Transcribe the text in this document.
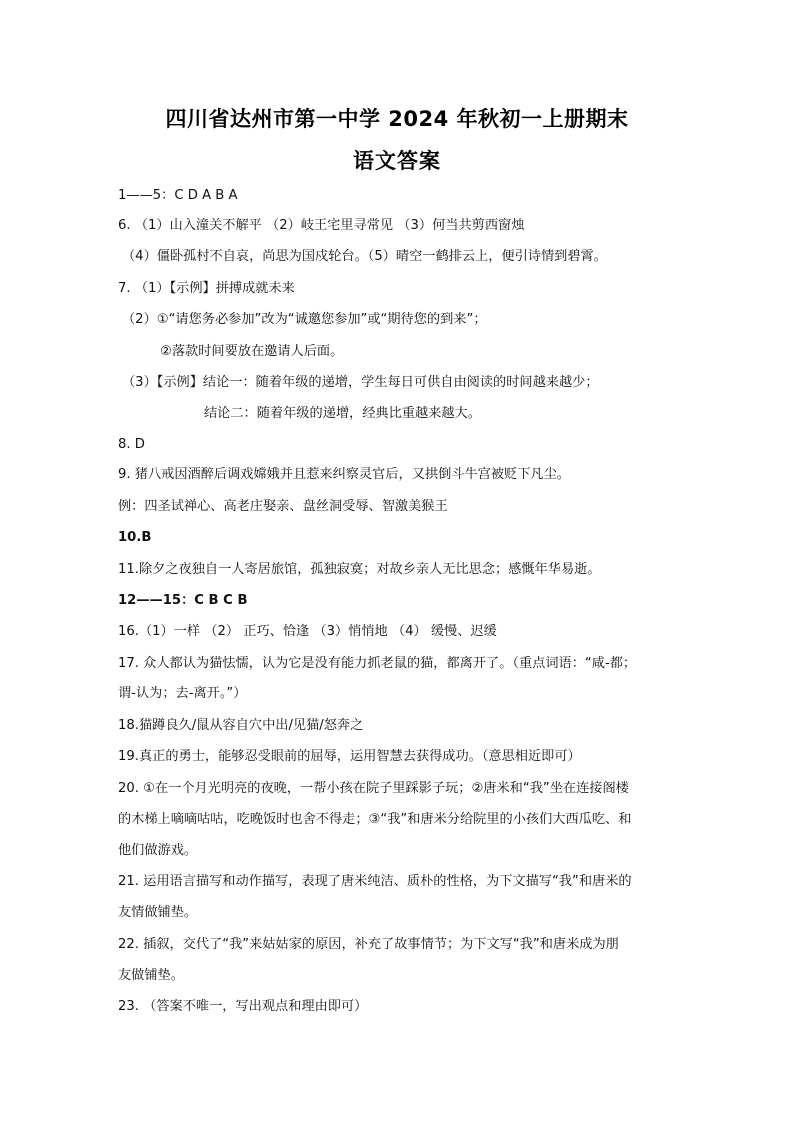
四川省达州市第一中学 2024 年秋初一上册期末
语文答案
1——5：C D A B A
6. （1）山入潼关不解平 （2）岐王宅里寻常见 （3）何当共剪西窗烛
（4）僵卧孤村不自哀，尚思为国戍轮台。（5）晴空一鹤排云上，便引诗情到碧霄。
7. （1）【示例】拼搏成就未来
（2）①“请您务必参加”改为“诚邀您参加”或“期待您的到来”；
②落款时间要放在邀请人后面。
（3）【示例】结论一：随着年级的递增，学生每日可供自由阅读的时间越来越少；
结论二：随着年级的递增，经典比重越来越大。
8. D
9. 猪八戒因酒醉后调戏嫦娥并且惹来纠察灵官后，又拱倒斗牛宫被贬下凡尘。
例：四圣试禅心、高老庄娶亲、盘丝洞受辱、智激美猴王
10.B
11.除夕之夜独自一人寄居旅馆，孤独寂寞；对故乡亲人无比思念；感慨年华易逝。
12——15：C B C B
16.（1）一样 （2） 正巧、恰逢 （3）悄悄地 （4） 缓慢、迟缓
17. 众人都认为猫怯懦，认为它是没有能力抓老鼠的猫，都离开了。（重点词语：“咸-都；
谓-认为；去-离开。”）
18.猫蹲良久/鼠从容自穴中出/见猫/怒奔之
19.真正的勇士，能够忍受眼前的屈辱，运用智慧去获得成功。（意思相近即可）
20. ①在一个月光明亮的夜晚，一帮小孩在院子里踩影子玩；②唐米和“我”坐在连接阁楼
的木梯上嘀嘀咕咕，吃晚饭时也舍不得走；③“我”和唐米分给院里的小孩们大西瓜吃、和
他们做游戏。
21. 运用语言描写和动作描写，表现了唐米纯洁、质朴的性格，为下文描写“我”和唐米的
友情做铺垫。
22. 插叙，交代了“我”来姑姑家的原因，补充了故事情节；为下文写“我”和唐米成为朋
友做铺垫。
23. （答案不唯一，写出观点和理由即可）
